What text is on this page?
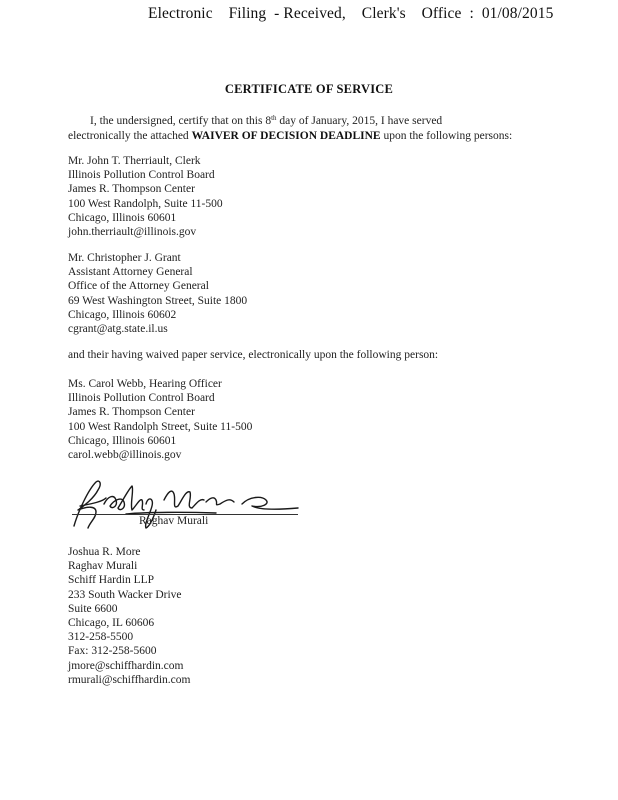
Electronic    Filing  - Received,    Clerk's    Office  :  01/08/2015
CERTIFICATE OF SERVICE
I, the undersigned, certify that on this 8th day of January, 2015, I have served
electronically the attached WAIVER OF DECISION DEADLINE upon the following persons:
Mr. John T. Therriault, Clerk
Illinois Pollution Control Board
James R. Thompson Center
100 West Randolph, Suite 11-500
Chicago, Illinois 60601
john.therriault@illinois.gov
Mr. Christopher J. Grant
Assistant Attorney General
Office of the Attorney General
69 West Washington Street, Suite 1800
Chicago, Illinois 60602
cgrant@atg.state.il.us
and their having waived paper service, electronically upon the following person:
Ms. Carol Webb, Hearing Officer
Illinois Pollution Control Board
James R. Thompson Center
100 West Randolph Street, Suite 11-500
Chicago, Illinois 60601
carol.webb@illinois.gov
Raghav Murali
Joshua R. More
Raghav Murali
Schiff Hardin LLP
233 South Wacker Drive
Suite 6600
Chicago, IL 60606
312-258-5500
Fax: 312-258-5600
jmore@schiffhardin.com
rmurali@schiffhardin.com
